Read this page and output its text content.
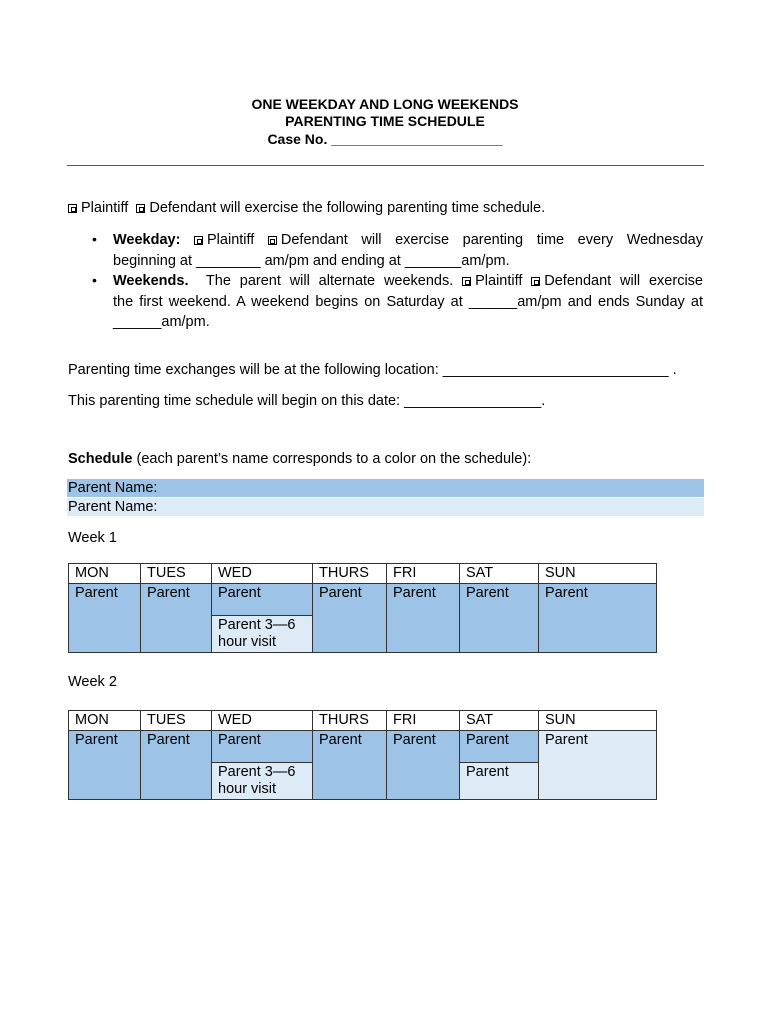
ONE WEEKDAY AND LONG WEEKENDS
PARENTING TIME SCHEDULE
Case No. ______________________
Plaintiff Defendant will exercise the following parenting time schedule.
• Weekday: Plaintiff Defendant will exercise parenting time every Wednesday
beginning at ________ am/pm and ending at _______am/pm.
• Weekends. The parent will alternate weekends. Plaintiff Defendant will exercise
the first weekend. A weekend begins on Saturday at ______am/pm and ends Sunday at
______am/pm.
Parenting time exchanges will be at the following location: ____________________________ .
This parenting time schedule will begin on this date: _________________.
Schedule (each parent’s name corresponds to a color on the schedule):
Parent Name:
Parent Name:
Week 1
MON	TUES	WED	THURS	FRI	SAT	SUN
Parent	Parent	Parent	Parent	Parent	Parent	Parent
		Parent 3—6 hour visit				
Week 2
MON	TUES	WED	THURS	FRI	SAT	SUN
Parent	Parent	Parent	Parent	Parent	Parent	Parent
		Parent 3—6 hour visit			Parent	
